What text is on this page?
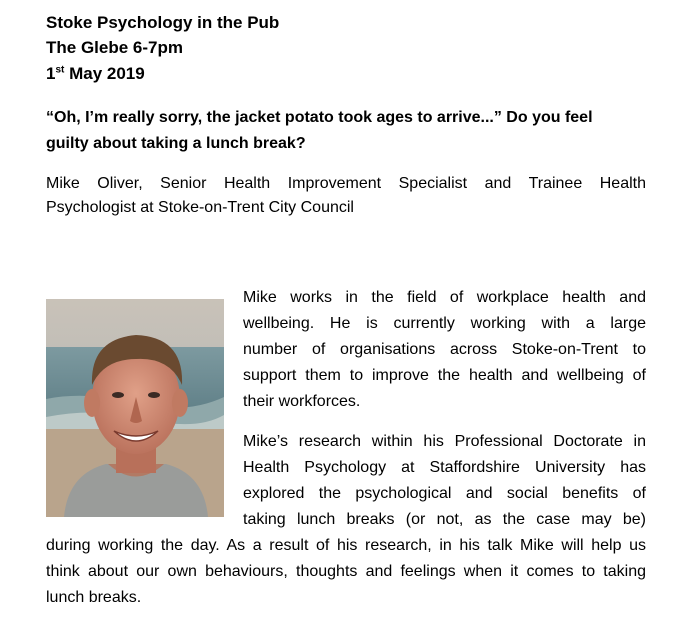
Stoke Psychology in the Pub
The Glebe 6-7pm
1st May 2019
“Oh, I’m really sorry, the jacket potato took ages to arrive...” Do you feel
guilty about taking a lunch break?
Mike Oliver, Senior Health Improvement Specialist and Trainee Health
Psychologist at Stoke-on-Trent City Council
Mike works in the field of workplace health and
wellbeing. He is currently working with a large
number of organisations across Stoke-on-Trent to
support them to improve the health and wellbeing of
their workforces.
Mike’s research within his Professional Doctorate in
Health Psychology at Staffordshire University has
explored the psychological and social benefits of
taking lunch breaks (or not, as the case may be)
during working the day. As a result of his research, in his talk Mike will help us
think about our own behaviours, thoughts and feelings when it comes to taking
lunch breaks.
